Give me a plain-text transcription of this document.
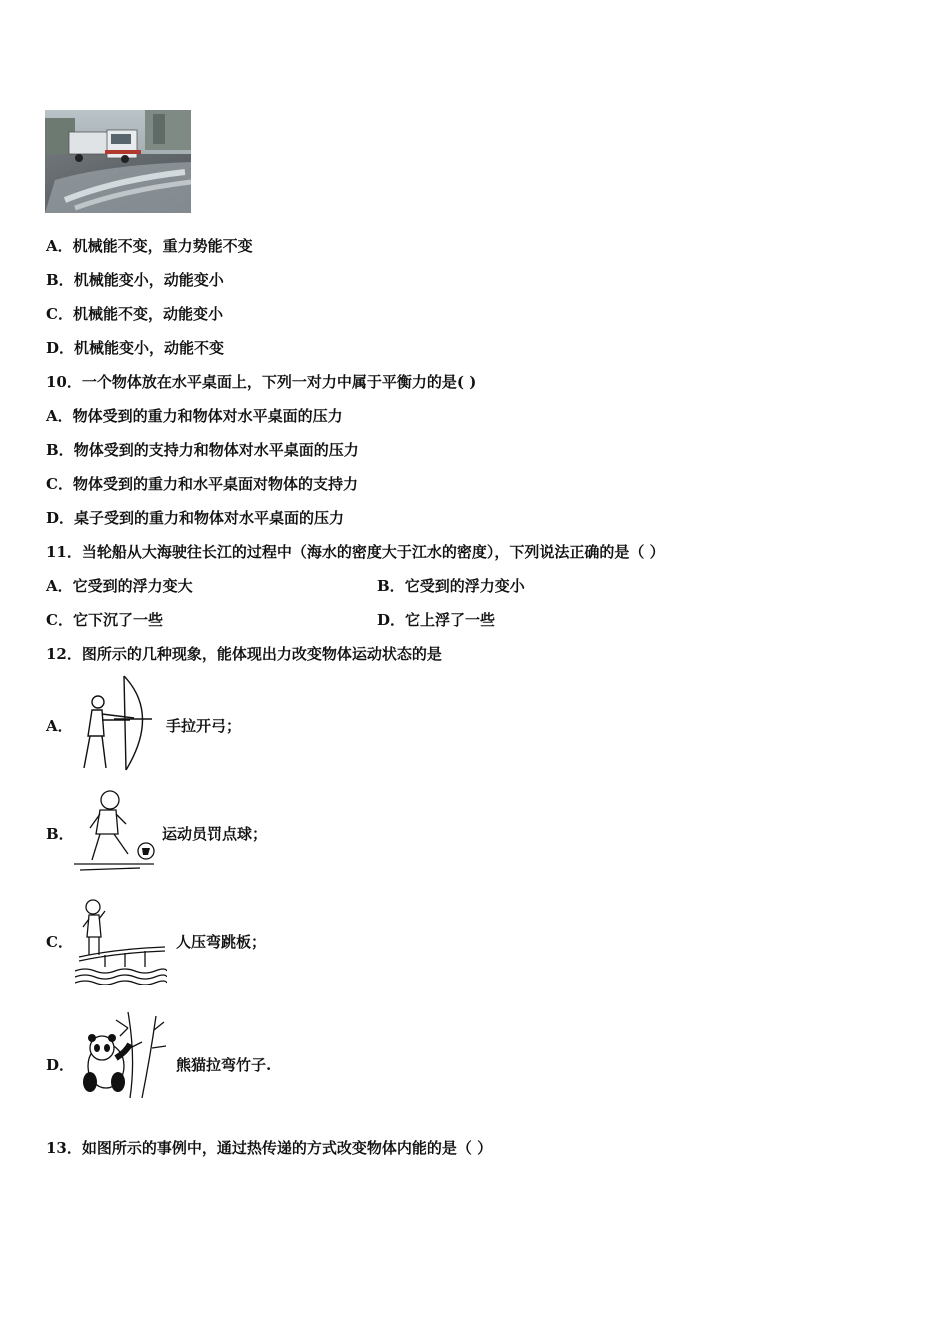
A．机械能不变，重力势能不变
B．机械能变小，动能变小
C．机械能不变，动能变小
D．机械能变小，动能不变
10．一个物体放在水平桌面上，下列一对力中属于平衡力的是( )
A．物体受到的重力和物体对水平桌面的压力
B．物体受到的支持力和物体对水平桌面的压力
C．物体受到的重力和水平桌面对物体的支持力
D．桌子受到的重力和物体对水平桌面的压力
11．当轮船从大海驶往长江的过程中（海水的密度大于江水的密度），下列说法正确的是（ ）
A．它受到的浮力变大	B．它受到的浮力变小
C．它下沉了一些	D．它上浮了一些
12．图所示的几种现象，能体现出力改变物体运动状态的是
A．	手拉开弓；
B．	运动员罚点球；
C．	人压弯跳板；
D．	熊猫拉弯竹子.
13．如图所示的事例中，通过热传递的方式改变物体内能的是（ ）
